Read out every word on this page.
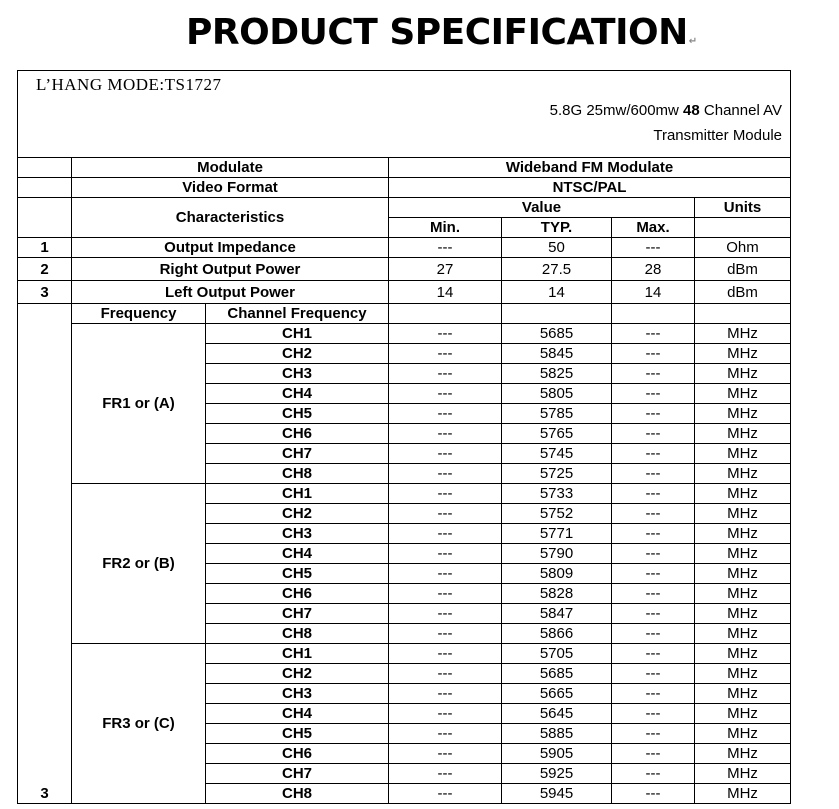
PRODUCT SPECIFICATION↵
L’HANG MODE:TS1727
5.8G 25mw/600mw 48 Channel AV
Transmitter Module						

	Modulate		Wideband FM Modulate			
	Video Format		NTSC/PAL			
	Characteristics		Value			Units
			Min.	TYP.	Max.	
1	Output Impedance		---	50	---	Ohm
2	Right Output Power		27	27.5	28	dBm
3	Left Output Power		14	14	14	dBm
3	Frequency	Channel Frequency				
	FR1 or (A)	CH1	---	5685	---	MHz
		CH2	---	5845	---	MHz
		CH3	---	5825	---	MHz
		CH4	---	5805	---	MHz
		CH5	---	5785	---	MHz
		CH6	---	5765	---	MHz
		CH7	---	5745	---	MHz
		CH8	---	5725	---	MHz
	FR2 or (B)	CH1	---	5733	---	MHz
		CH2	---	5752	---	MHz
		CH3	---	5771	---	MHz
		CH4	---	5790	---	MHz
		CH5	---	5809	---	MHz
		CH6	---	5828	---	MHz
		CH7	---	5847	---	MHz
		CH8	---	5866	---	MHz
	FR3 or (C)	CH1	---	5705	---	MHz
		CH2	---	5685	---	MHz
		CH3	---	5665	---	MHz
		CH4	---	5645	---	MHz
		CH5	---	5885	---	MHz
		CH6	---	5905	---	MHz
		CH7	---	5925	---	MHz
		CH8	---	5945	---	MHz
